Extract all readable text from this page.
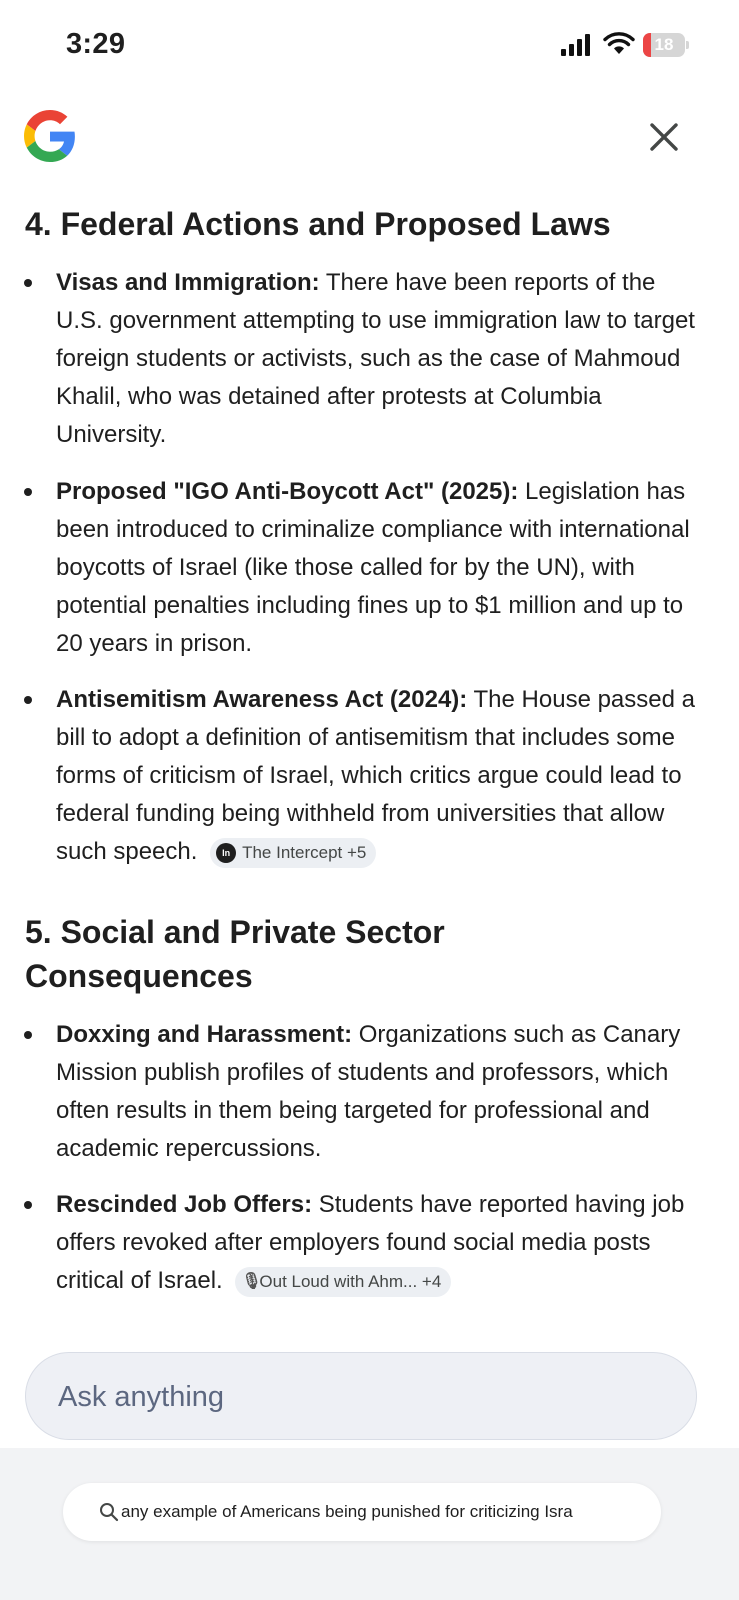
3:29	18
4. Federal Actions and Proposed Laws
Visas and Immigration: There have been reports of the U.S. government attempting to use immigration law to target foreign students or activists, such as the case of Mahmoud Khalil, who was detained after protests at Columbia University.
Proposed "IGO Anti-Boycott Act" (2025): Legislation has been introduced to criminalize compliance with international boycotts of Israel (like those called for by the UN), with potential penalties including fines up to $1 million and up to 20 years in prison.
Antisemitism Awareness Act (2024): The House passed a bill to adopt a definition of antisemitism that includes some forms of criticism of Israel, which critics argue could lead to federal funding being withheld from universities that allow such speech.	In The Intercept +5
5. Social and Private Sector
Consequences
Doxxing and Harassment: Organizations such as Canary Mission publish profiles of students and professors, which often results in them being targeted for professional and academic repercussions.
Rescinded Job Offers: Students have reported having job offers revoked after employers found social media posts critical of Israel. 🎙Out Loud with Ahm... +4
Ask anything
any example of Americans being punished for criticizing Isra
